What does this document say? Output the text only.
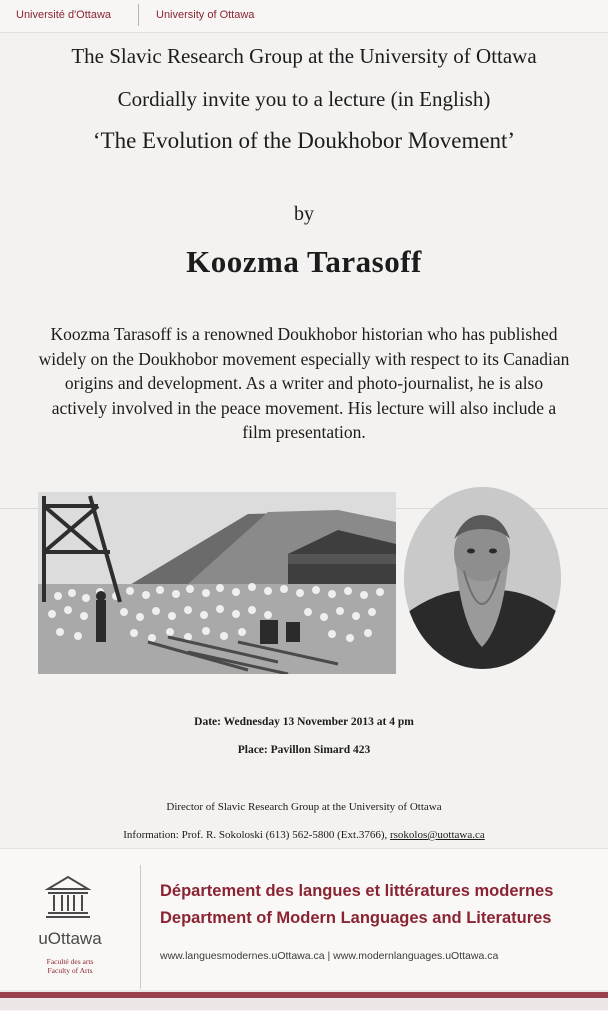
Université d'Ottawa	University of Ottawa
The Slavic Research Group at the University of Ottawa
Cordially invite you to a lecture (in English)
‘The Evolution of the Doukhobor Movement’
by
Koozma Tarasoff
Koozma Tarasoff is a renowned Doukhobor historian who has published widely on the Doukhobor movement especially with respect to its Canadian origins and development. As a writer and photo-journalist, he is also actively involved in the peace movement. His lecture will also include a film presentation.
Date: Wednesday 13 November 2013 at 4 pm
Place: Pavillon Simard 423
Director of Slavic Research Group at the University of Ottawa
Information: Prof. R. Sokoloski (613) 562-5800 (Ext.3766), rsokolos@uottawa.ca
uOttawa
Faculté des arts
Faculty of Arts
Département des langues et littératures modernes
Department of Modern Languages and Literatures
www.languesmodernes.uOttawa.ca | www.modernlanguages.uOttawa.ca
